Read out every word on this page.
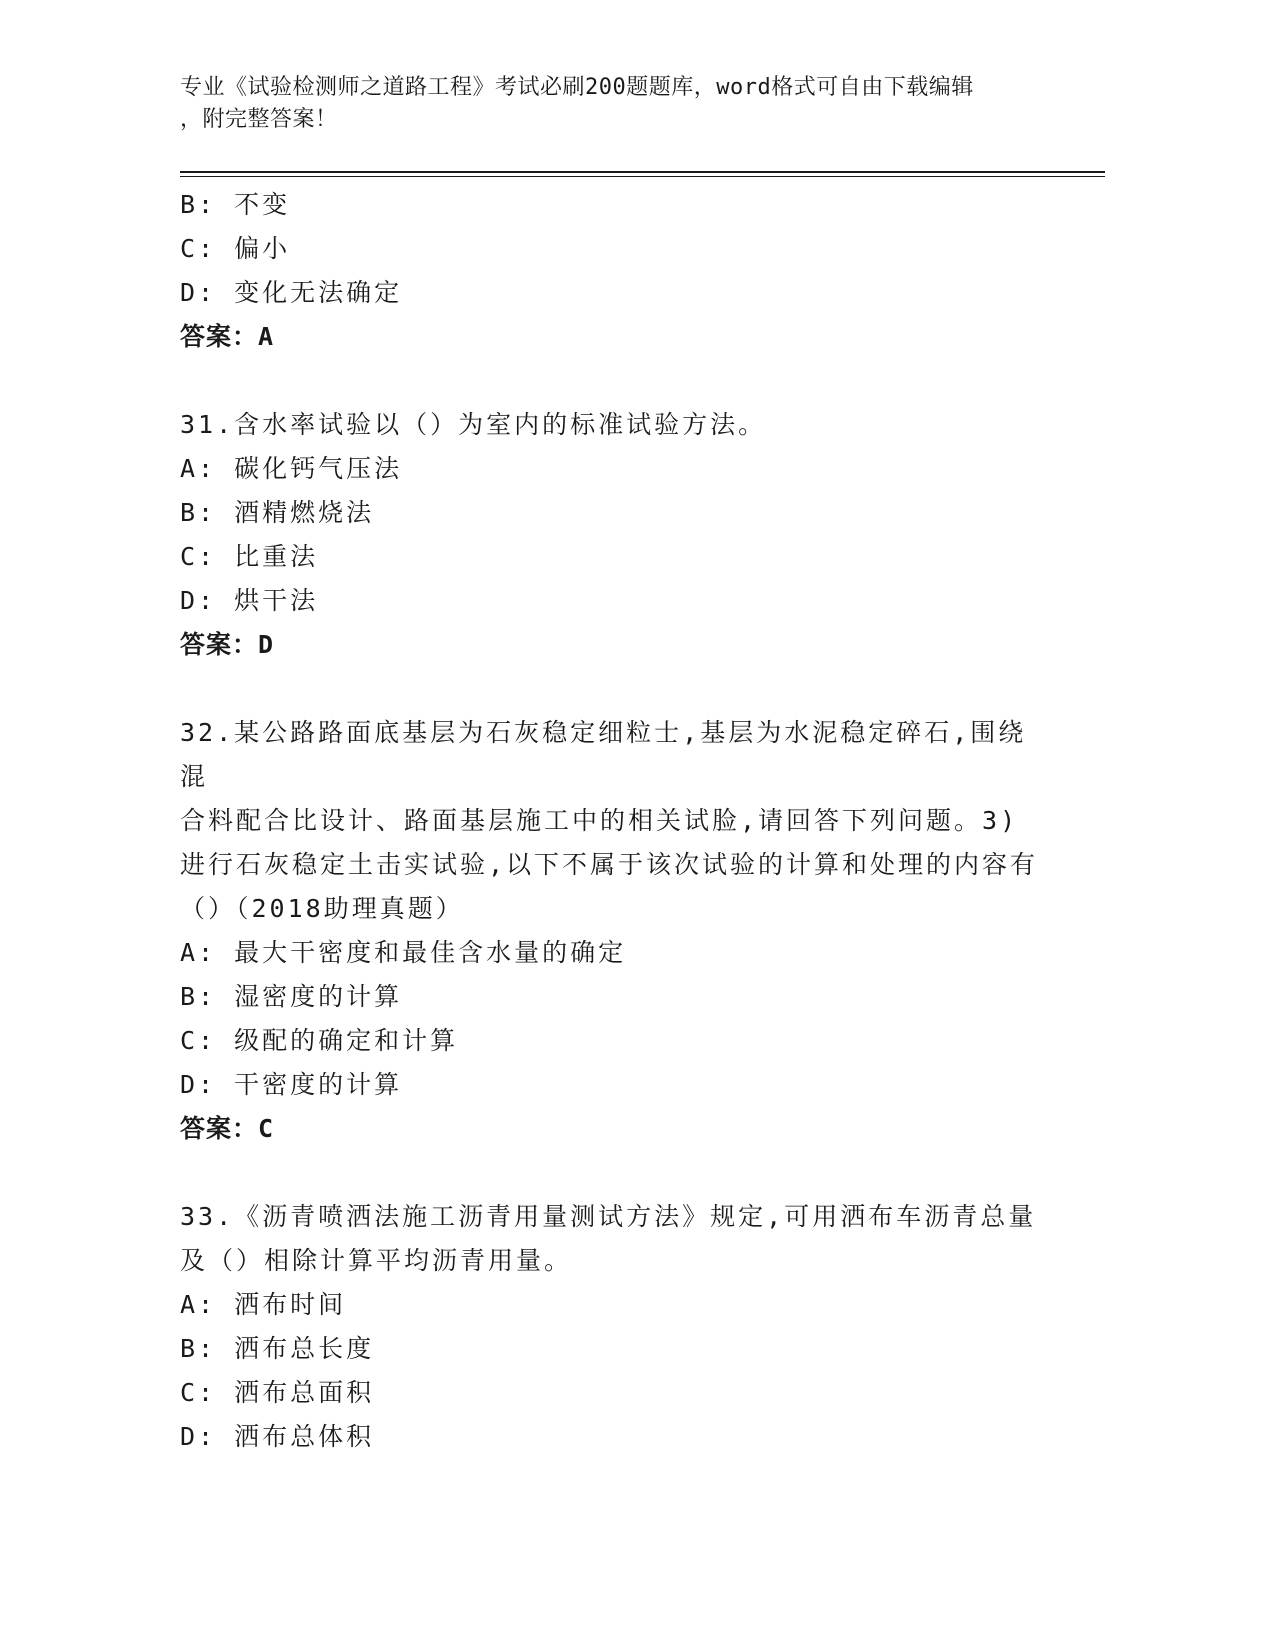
专业《试验检测师之道路工程》考试必刷200题题库，word格式可自由下载编辑
，附完整答案！
B: 不变
C: 偏小
D: 变化无法确定
答案：A
31.含水率试验以（）为室内的标准试验方法。
A: 碳化钙气压法
B: 酒精燃烧法
C: 比重法
D: 烘干法
答案：D
32.某公路路面底基层为石灰稳定细粒士,基层为水泥稳定碎石,围绕混
合料配合比设计、路面基层施工中的相关试脸,请回答下列问题。3)
进行石灰稳定土击实试验,以下不属于该次试验的计算和处理的内容有
（）（2018助理真题）
A: 最大干密度和最佳含水量的确定
B: 湿密度的计算
C: 级配的确定和计算
D: 干密度的计算
答案：C
33.《沥青喷洒法施工沥青用量测试方法》规定,可用洒布车沥青总量
及（）相除计算平均沥青用量。
A: 洒布时间
B: 洒布总长度
C: 洒布总面积
D: 洒布总体积
